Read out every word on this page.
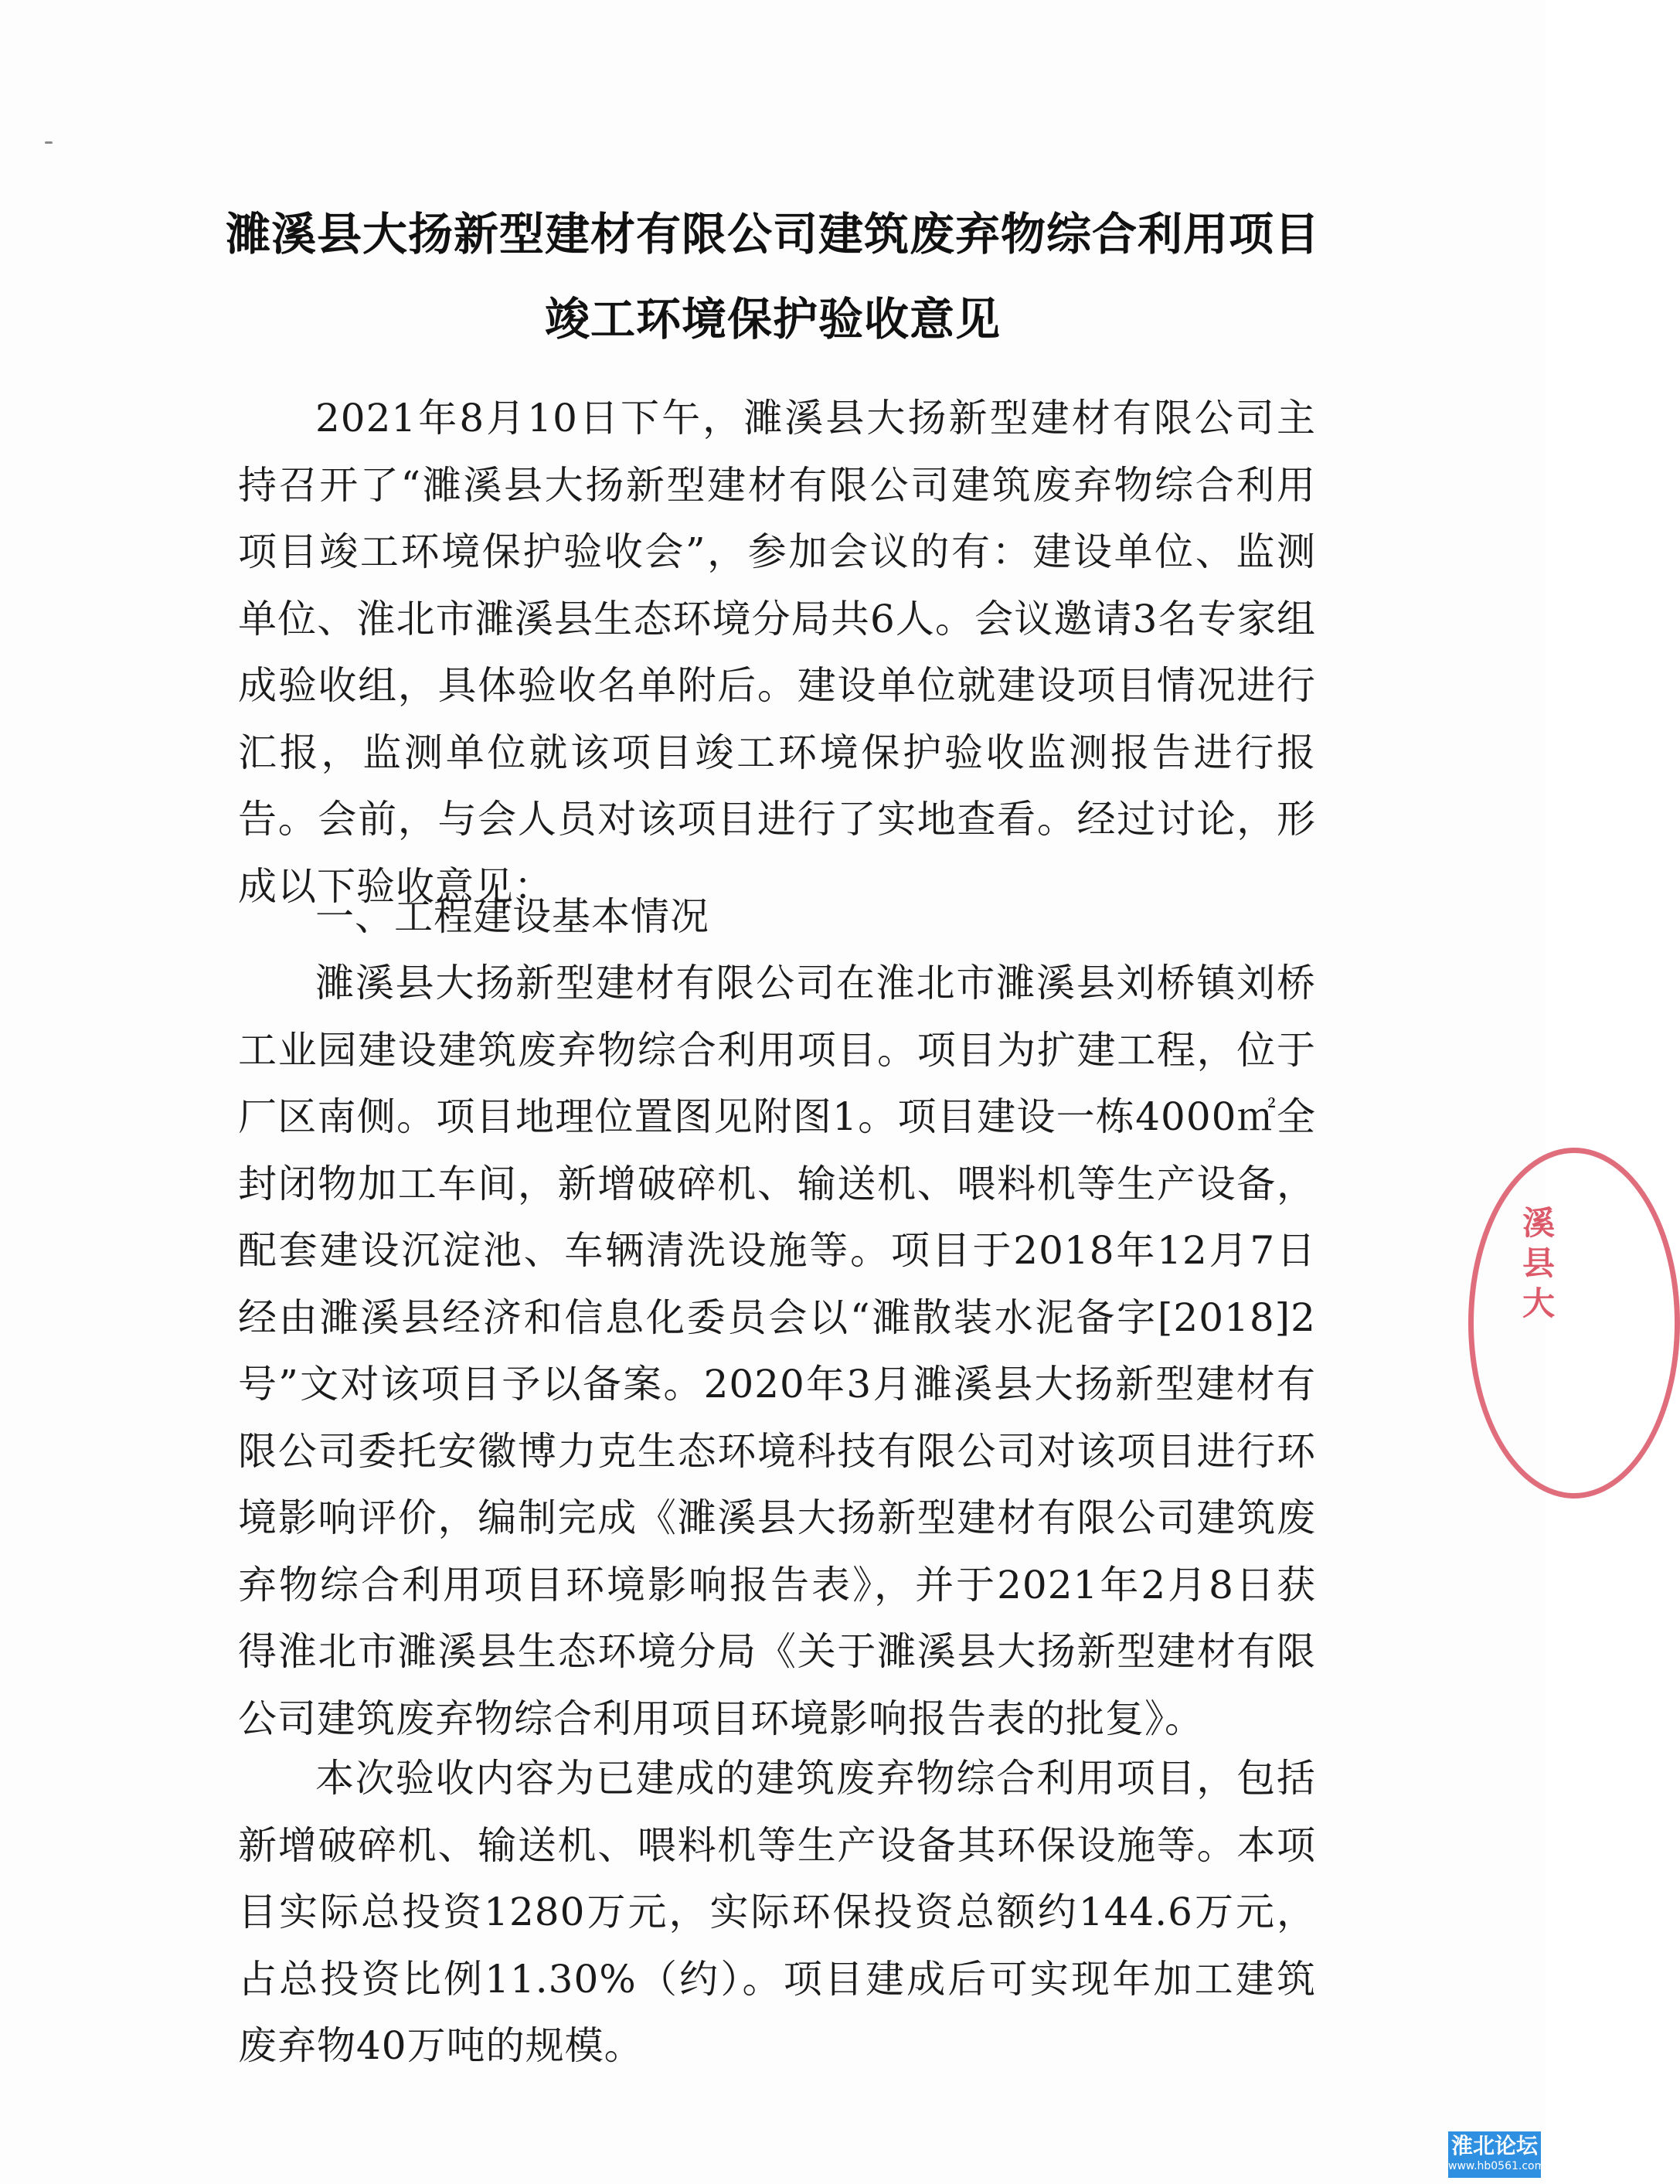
濉溪县大扬新型建材有限公司建筑废弃物综合利用项目
竣工环境保护验收意见
2021年8月10日下午，濉溪县大扬新型建材有限公司主持召开了“濉溪县大扬新型建材有限公司建筑废弃物综合利用项目竣工环境保护验收会”，参加会议的有：建设单位、监测单位、淮北市濉溪县生态环境分局共6人。会议邀请3名专家组成验收组，具体验收名单附后。建设单位就建设项目情况进行汇报，监测单位就该项目竣工环境保护验收监测报告进行报告。会前，与会人员对该项目进行了实地查看。经过讨论，形成以下验收意见：
一、工程建设基本情况
濉溪县大扬新型建材有限公司在淮北市濉溪县刘桥镇刘桥工业园建设建筑废弃物综合利用项目。项目为扩建工程，位于厂区南侧。项目地理位置图见附图1。项目建设一栋4000㎡全封闭物加工车间，新增破碎机、输送机、喂料机等生产设备，配套建设沉淀池、车辆清洗设施等。项目于2018年12月7日经由濉溪县经济和信息化委员会以“濉散装水泥备字[2018]2号”文对该项目予以备案。2020年3月濉溪县大扬新型建材有限公司委托安徽博力克生态环境科技有限公司对该项目进行环境影响评价，编制完成《濉溪县大扬新型建材有限公司建筑废弃物综合利用项目环境影响报告表》，并于2021年2月8日获得淮北市濉溪县生态环境分局《关于濉溪县大扬新型建材有限公司建筑废弃物综合利用项目环境影响报告表的批复》。
本次验收内容为已建成的建筑废弃物综合利用项目，包括新增破碎机、输送机、喂料机等生产设备其环保设施等。本项目实际总投资1280万元，实际环保投资总额约144.6万元，占总投资比例11.30%（约）。项目建成后可实现年加工建筑废弃物40万吨的规模。
溪县大
淮北论坛
www.hb0561.com
